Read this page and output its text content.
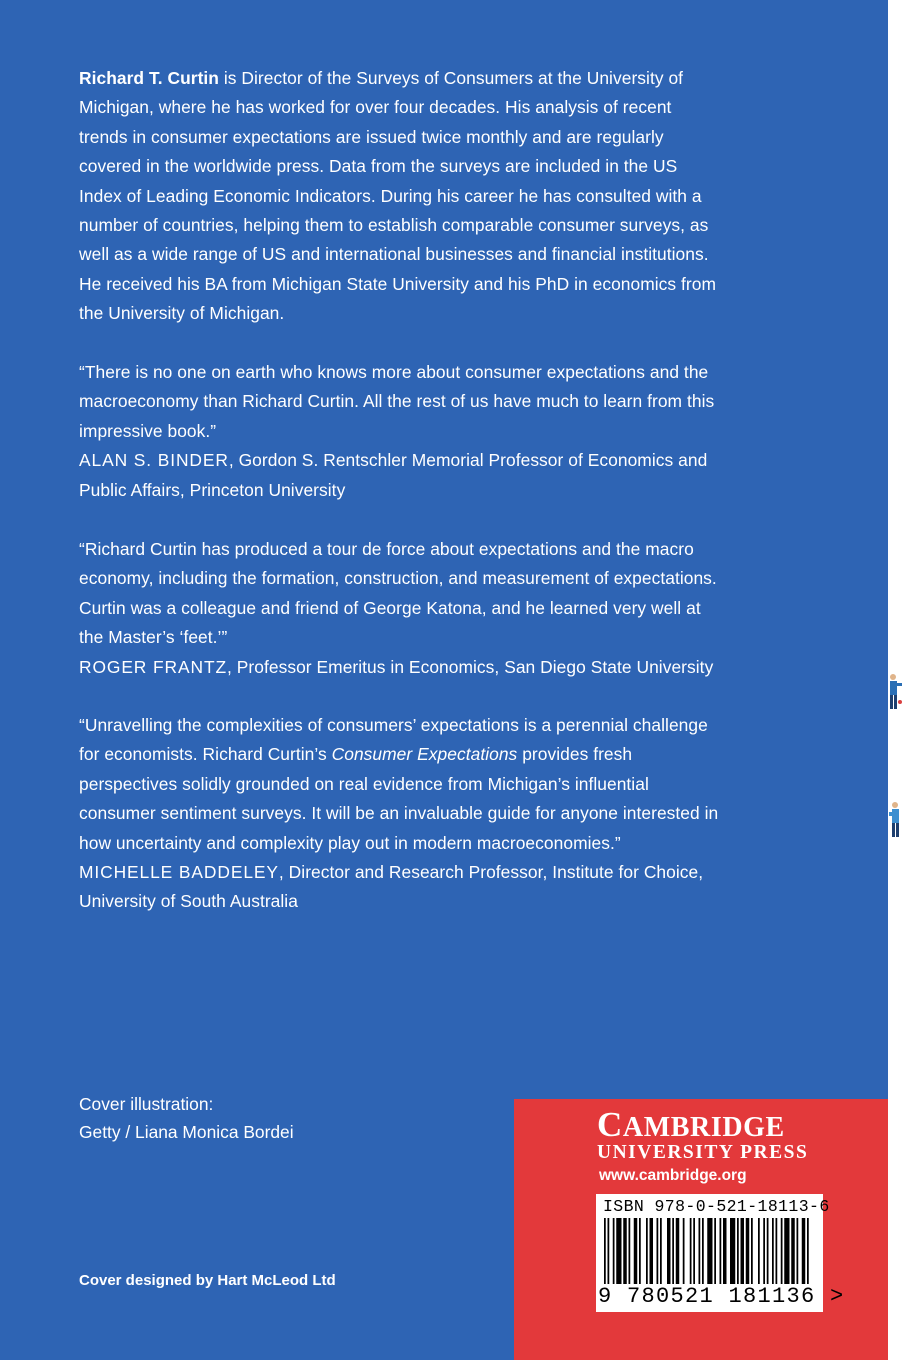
Richard T. Curtin is Director of the Surveys of Consumers at the University of Michigan, where he has worked for over four decades. His analysis of recent trends in consumer expectations are issued twice monthly and are regularly covered in the worldwide press. Data from the surveys are included in the US Index of Leading Economic Indicators. During his career he has consulted with a number of countries, helping them to establish comparable consumer surveys, as well as a wide range of US and international businesses and financial institutions. He received his BA from Michigan State University and his PhD in economics from the University of Michigan.

“There is no one on earth who knows more about consumer expectations and the macroeconomy than Richard Curtin. All the rest of us have much to learn from this impressive book.”
ALAN S. BINDER, Gordon S. Rentschler Memorial Professor of Economics and Public Affairs, Princeton University
“Richard Curtin has produced a tour de force about expectations and the macro economy, including the formation, construction, and measurement of expectations. Curtin was a colleague and friend of George Katona, and he learned very well at the Master’s ‘feet.’”
ROGER FRANTZ, Professor Emeritus in Economics, San Diego State University
“Unravelling the complexities of consumers’ expectations is a perennial challenge for economists. Richard Curtin’s Consumer Expectations provides fresh perspectives solidly grounded on real evidence from Michigan’s influential consumer sentiment surveys. It will be an invaluable guide for anyone interested in how uncertainty and complexity play out in modern macroeconomies.”
MICHELLE BADDELEY, Director and Research Professor, Institute for Choice, University of South Australia
Cover illustration:
Getty / Liana Monica Bordei
Cover designed by Hart McLeod Ltd
CAMBRIDGE
UNIVERSITY PRESS
www.cambridge.org
ISBN 978-0-521-18113-6
9 780521 181136 >
